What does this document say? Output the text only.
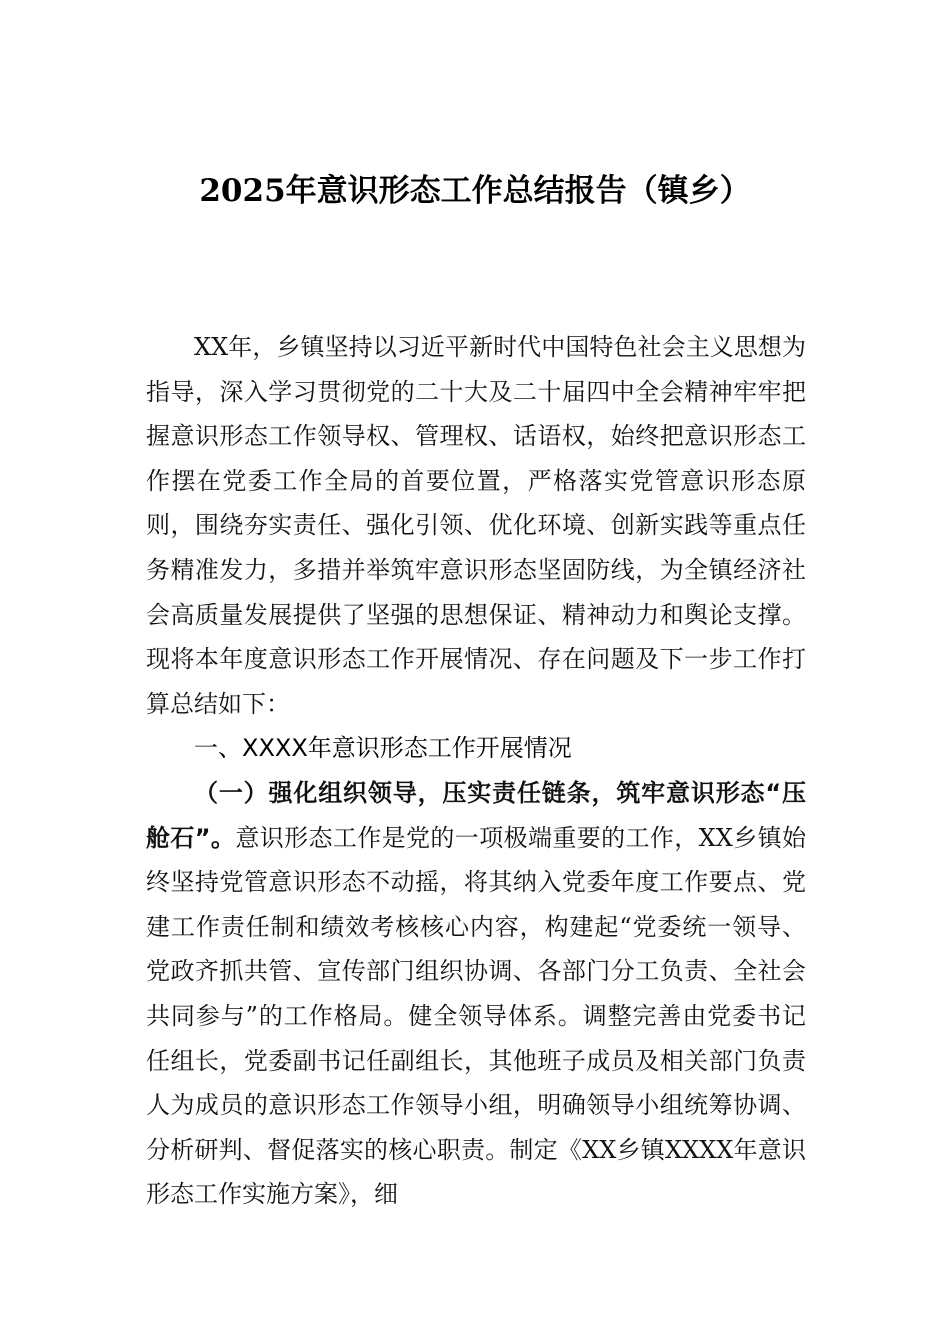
2025年意识形态工作总结报告（镇乡）

XX年，乡镇坚持以习近平新时代中国特色社会主义思想为指导，深入学习贯彻党的二十大及二十届四中全会精神牢牢把握意识形态工作领导权、管理权、话语权，始终把意识形态工作摆在党委工作全局的首要位置，严格落实党管意识形态原则，围绕夯实责任、强化引领、优化环境、创新实践等重点任务精准发力，多措并举筑牢意识形态坚固防线，为全镇经济社会高质量发展提供了坚强的思想保证、精神动力和舆论支撑。现将本年度意识形态工作开展情况、存在问题及下一步工作打算总结如下：

一、XXXX年意识形态工作开展情况

（一）强化组织领导，压实责任链条，筑牢意识形态“压舱石”。意识形态工作是党的一项极端重要的工作，XX乡镇始终坚持党管意识形态不动摇，将其纳入党委年度工作要点、党建工作责任制和绩效考核核心内容，构建起“党委统一领导、党政齐抓共管、宣传部门组织协调、各部门分工负责、全社会共同参与”的工作格局。健全领导体系。调整完善由党委书记任组长，党委副书记任副组长，其他班子成员及相关部门负责人为成员的意识形态工作领导小组，明确领导小组统筹协调、分析研判、督促落实的核心职责。制定《XX乡镇XXXX年意识形态工作实施方案》，细
